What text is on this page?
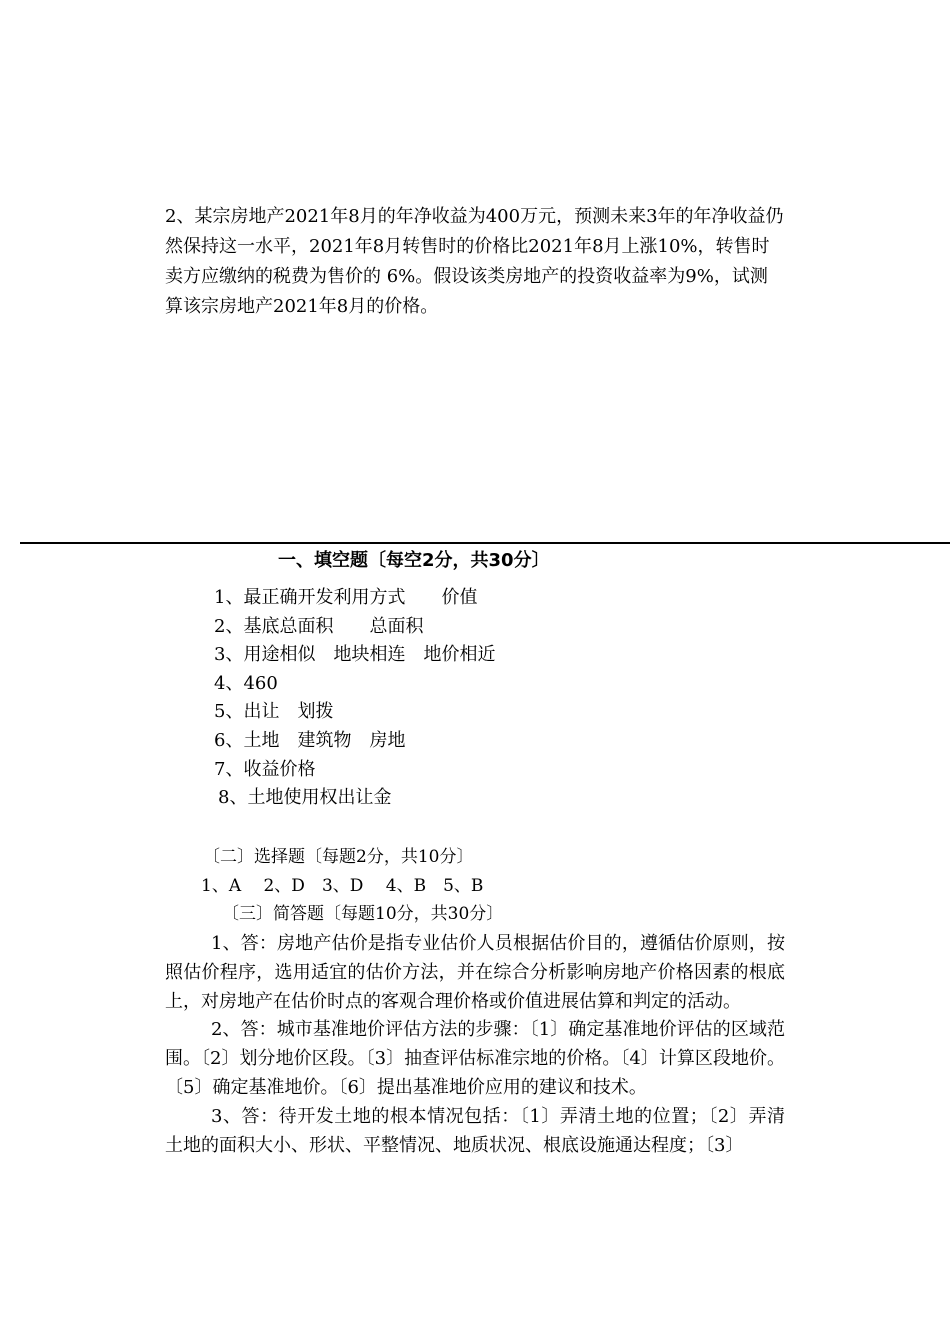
2、某宗房地产2021年8月的年净收益为400万元，预测未来3年的年净收益仍然保持这一水平，2021年8月转售时的价格比2021年8月上涨10%，转售时卖方应缴纳的税费为售价的 6%。假设该类房地产的投资收益率为9%，试测算该宗房地产2021年8月的价格。

一、填空题〔每空2分，共30分〕
1、最正确开发利用方式　　价值
2、基底总面积　　总面积
3、用途相似　地块相连　地价相近
4、460
5、出让　划拨
6、土地　建筑物　房地
7、收益价格
8、土地使用权出让金
〔二〕选择题〔每题2分，共10分〕

1、A　 2、D　3、D　 4、B　5、B

〔三〕简答题〔每题10分，共30分〕

1、答：房地产估价是指专业估价人员根据估价目的，遵循估价原则，按照估价程序，选用适宜的估价方法，并在综合分析影响房地产价格因素的根底上，对房地产在估价时点的客观合理价格或价值进展估算和判定的活动。

2、答：城市基准地价评估方法的步骤：〔1〕确定基准地价评估的区域范围。〔2〕划分地价区段。〔3〕抽查评估标准宗地的价格。〔4〕计算区段地价。〔5〕确定基准地价。〔6〕提出基准地价应用的建议和技术。

3、答：待开发土地的根本情况包括：〔1〕弄清土地的位置；〔2〕弄清土地的面积大小、形状、平整情况、地质状况、根底设施通达程度；〔3〕
